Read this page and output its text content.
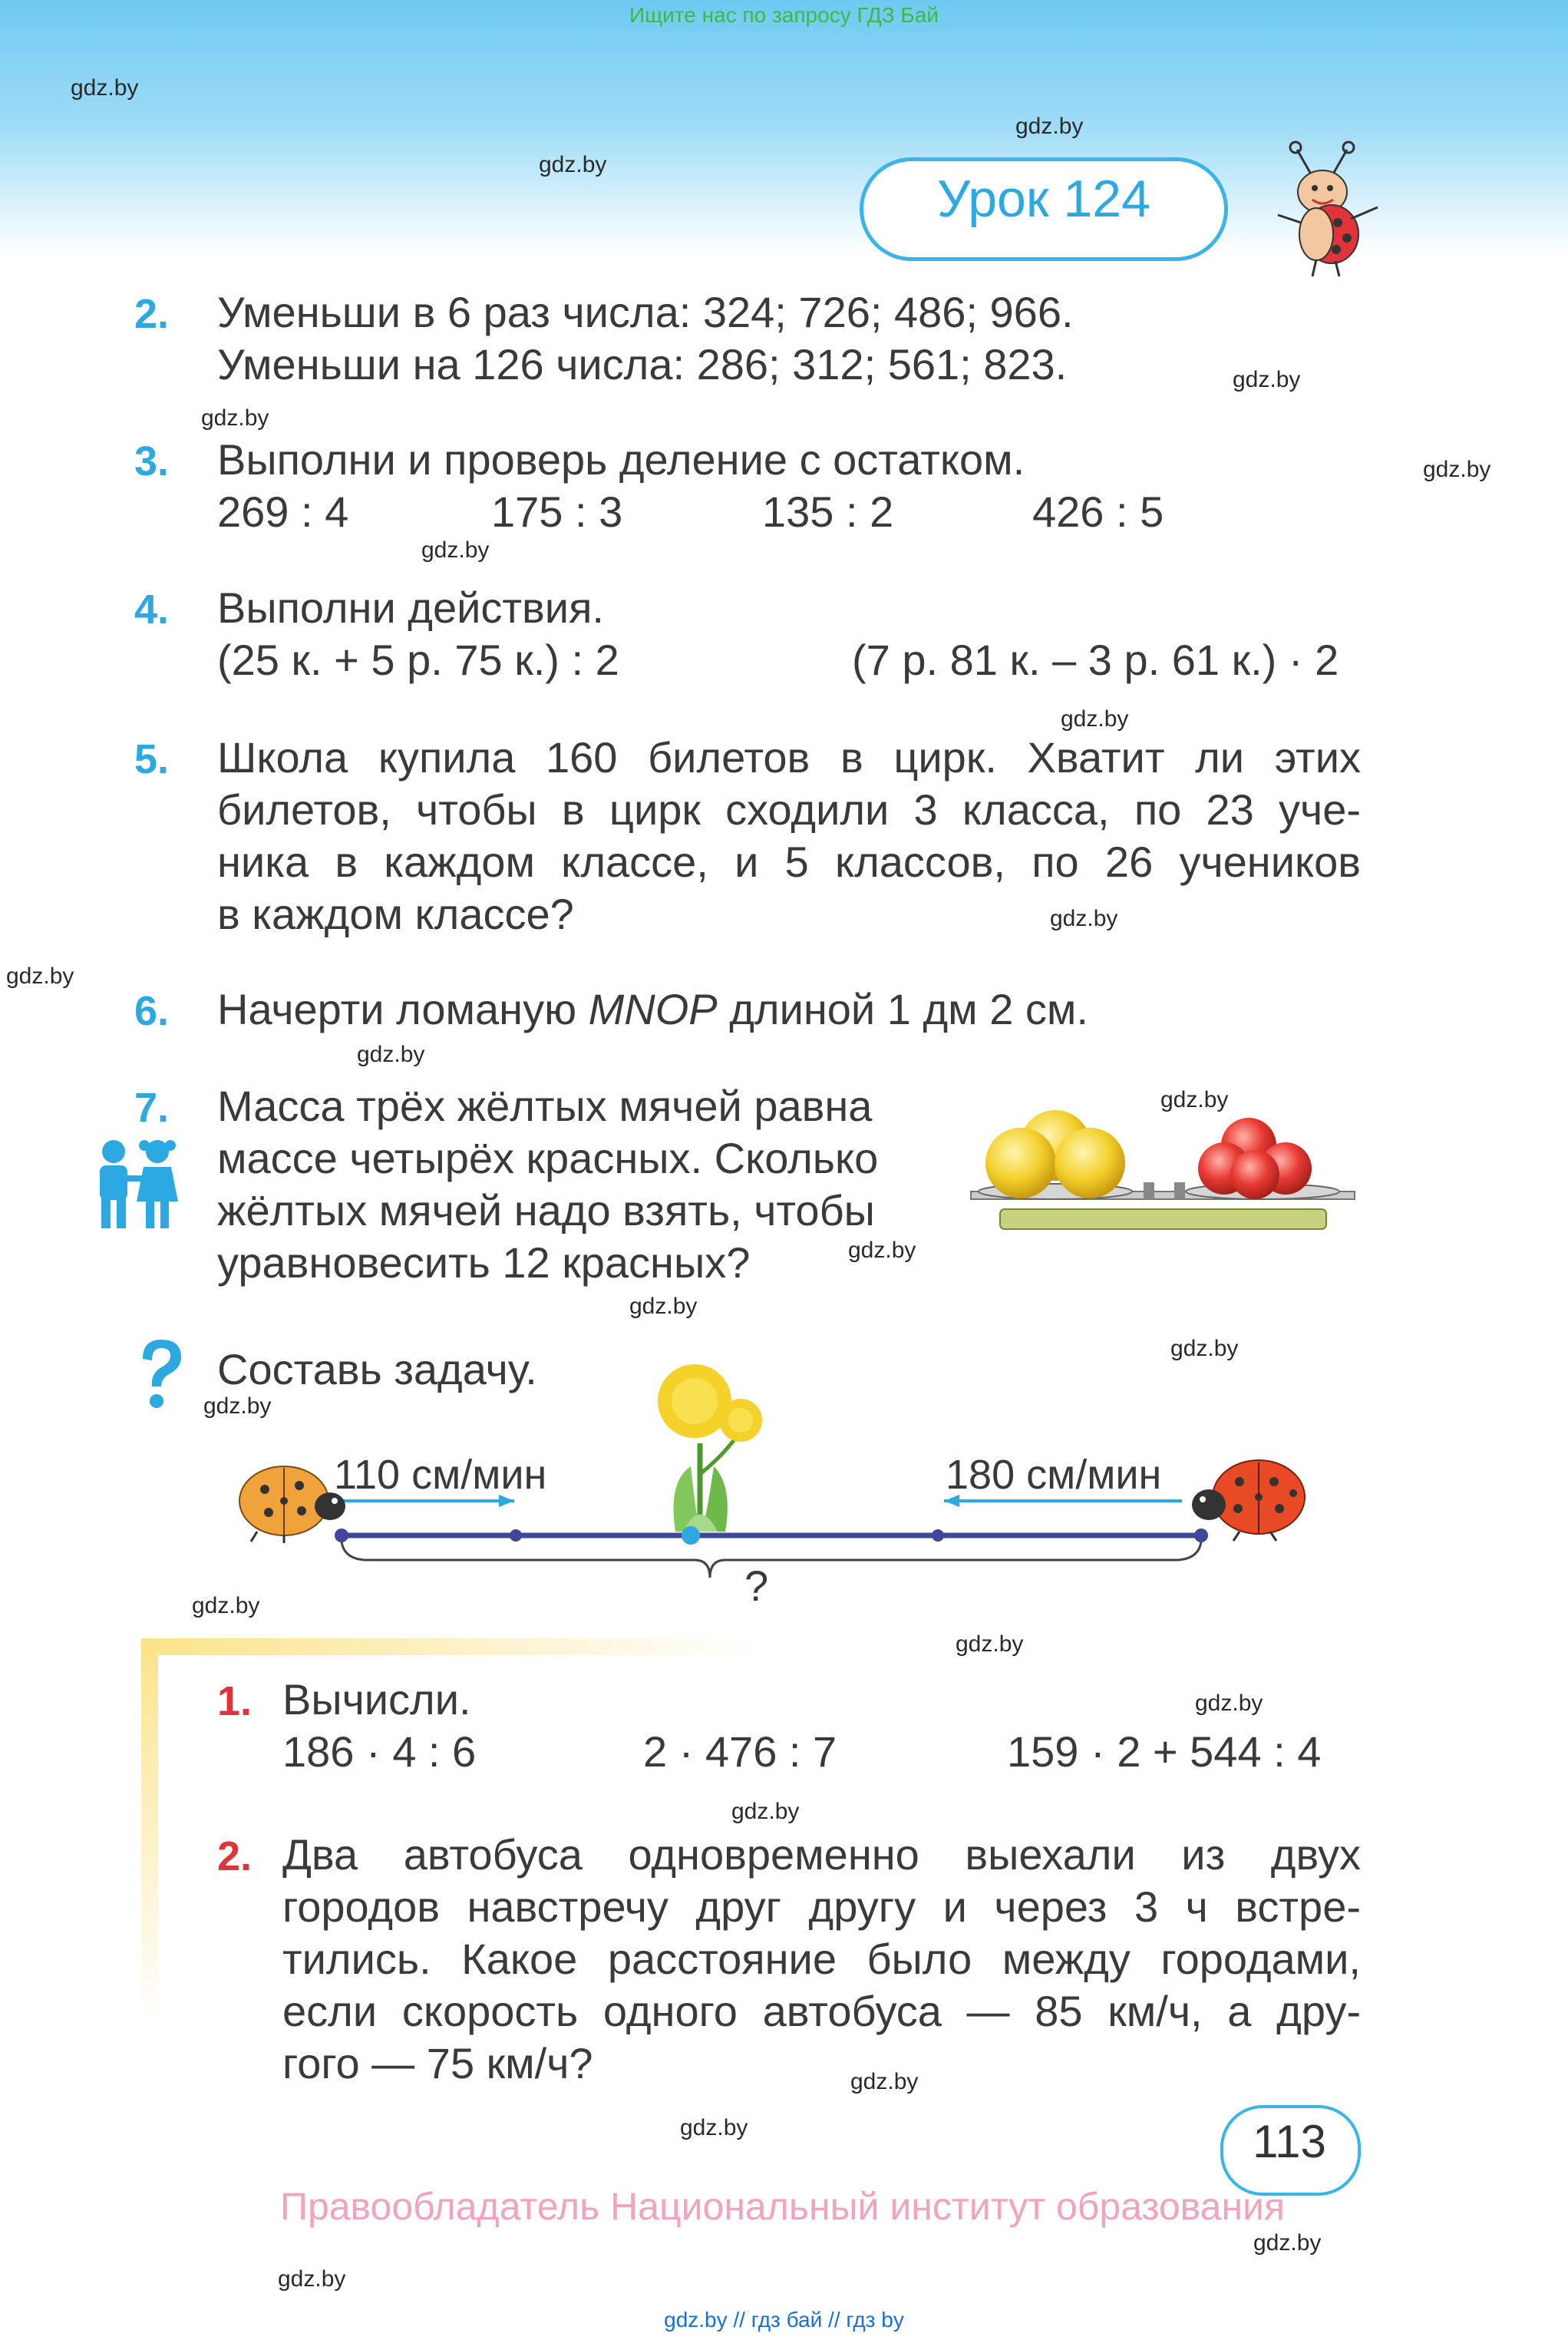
Ищите нас по запросу ГДЗ Бай
gdz.by
gdz.by
gdz.by
gdz.by
gdz.by
gdz.by
gdz.by
gdz.by
gdz.by
gdz.by
gdz.by
gdz.by
gdz.by
gdz.by
gdz.by
gdz.by
gdz.by
gdz.by
gdz.by
gdz.by
gdz.by
gdz.by
gdz.by
gdz.by
Урок 124
2.	Уменьши в 6 раз числа: 324; 726; 486; 966.
Уменьши на 126 числа: 286; 312; 561; 823.
3.	Выполни и проверь деление с остатком.
269 : 4	175 : 3	135 : 2	426 : 5
4.	Выполни действия.
(25 к. + 5 р. 75 к.) : 2	(7 р. 81 к. – 3 р. 61 к.) · 2
5.	Школа купила 160 билетов в цирк. Хватит ли этих
билетов, чтобы в цирк сходили 3 класса, по 23 уче-
ника в каждом классе, и 5 классов, по 26 учеников
в каждом классе?
6.	Начерти ломаную MNOP длиной 1 дм 2 см.
7.	Масса трёх жёлтых мячей равна
массе четырёх красных. Сколько
жёлтых мячей надо взять, чтобы
уравновесить 12 красных?
Составь задачу.
110 см/мин	180 см/мин
?
1. Вычисли.
186 · 4 : 6	2 · 476 : 7	159 · 2 + 544 : 4
2. Два автобуса одновременно выехали из двух
городов навстречу друг другу и через 3 ч встре-
тились. Какое расстояние было между городами,
если скорость одного автобуса — 85 км/ч, а дру-
гого — 75 км/ч?
113
Правообладатель Национальный институт образования
gdz.by // гдз бай // гдз by
